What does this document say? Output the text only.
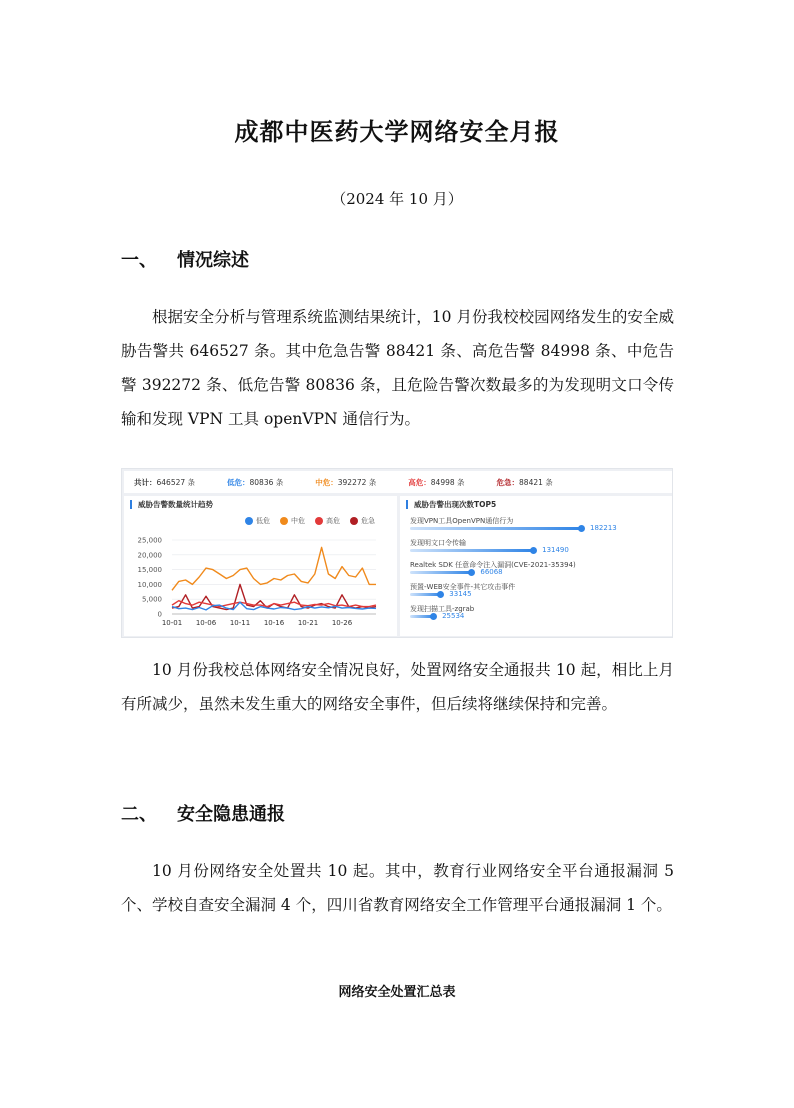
成都中医药大学网络安全月报
（2024 年 10 月）
一、 情况综述

根据安全分析与管理系统监测结果统计，10 月份我校校园网络发生的安全威胁告警共 646527 条。其中危急告警 88421 条、高危告警 84998 条、中危告警 392272 条、低危告警 80836 条，且危险告警次数最多的为发现明文口令传输和发现 VPN 工具 openVPN 通信行为。

共计：646527 条	低危：80836 条	中危：392272 条	高危：84998 条	危急：88421 条
威胁告警数量统计趋势
低危	中危	高危	危急
0
5,000
10,000
15,000
20,000
25,000
10-01 10-06 10-11 10-16 10-21 10-26
威胁告警出现次数TOP5
发现VPN工具OpenVPN通信行为
182213
发现明文口令传输
131490
Realtek SDK 任意命令注入漏洞(CVE-2021-35394)
66068
预置-WEB安全事件-其它攻击事件
33145
发现扫描工具-zgrab
25534

10 月份我校总体网络安全情况良好，处置网络安全通报共 10 起，相比上月有所减少，虽然未发生重大的网络安全事件，但后续将继续保持和完善。

二、 安全隐患通报

10 月份网络安全处置共 10 起。其中，教育行业网络安全平台通报漏洞 5 个、学校自查安全漏洞 4 个，四川省教育网络安全工作管理平台通报漏洞 1 个。

网络安全处置汇总表
